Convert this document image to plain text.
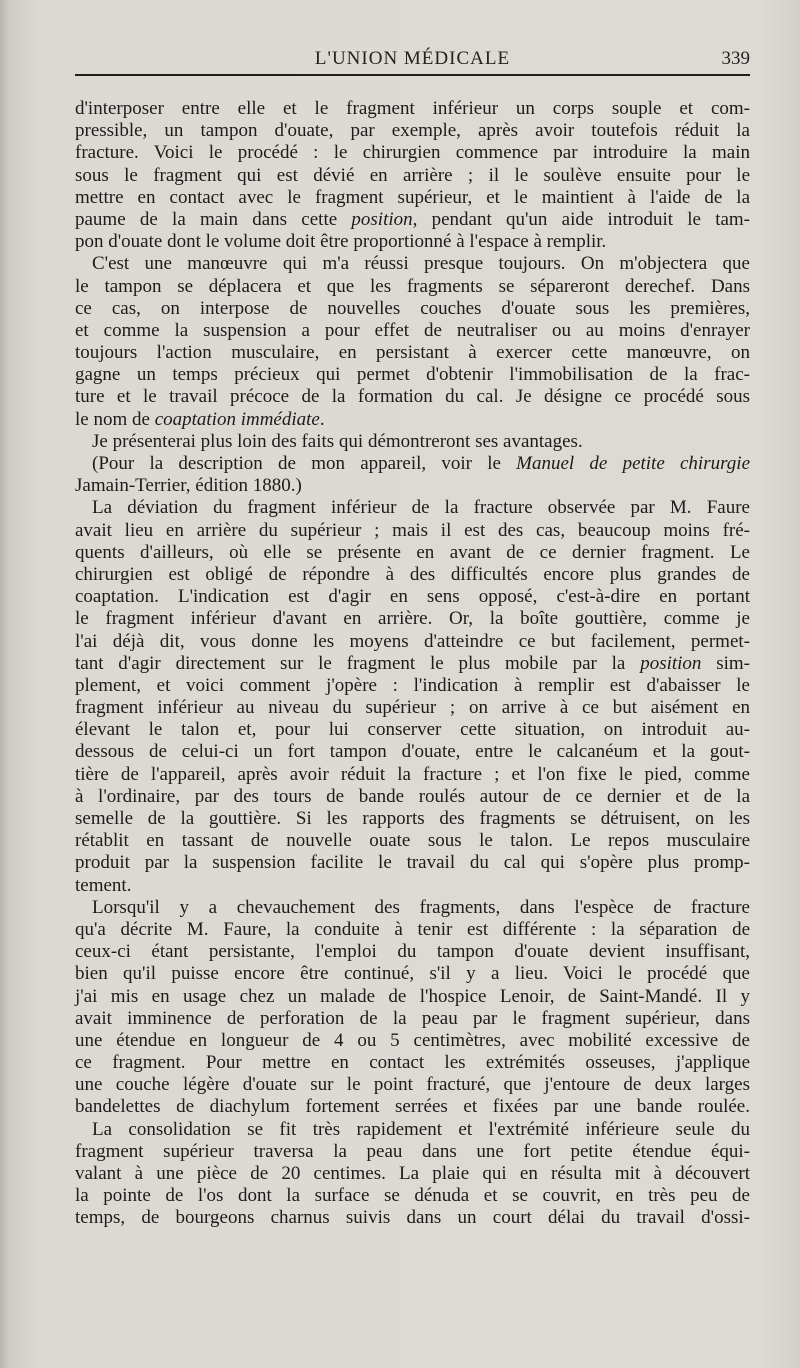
L'UNION MÉDICALE	339
d'interposer entre elle et le fragment inférieur un corps souple et com-
pressible, un tampon d'ouate, par exemple, après avoir toutefois réduit la
fracture. Voici le procédé : le chirurgien commence par introduire la main
sous le fragment qui est dévié en arrière ; il le soulève ensuite pour le
mettre en contact avec le fragment supérieur, et le maintient à l'aide de la
paume de la main dans cette position, pendant qu'un aide introduit le tam-
pon d'ouate dont le volume doit être proportionné à l'espace à remplir.
C'est une manœuvre qui m'a réussi presque toujours. On m'objectera que
le tampon se déplacera et que les fragments se sépareront derechef. Dans
ce cas, on interpose de nouvelles couches d'ouate sous les premières,
et comme la suspension a pour effet de neutraliser ou au moins d'enrayer
toujours l'action musculaire, en persistant à exercer cette manœuvre, on
gagne un temps précieux qui permet d'obtenir l'immobilisation de la frac-
ture et le travail précoce de la formation du cal. Je désigne ce procédé sous
le nom de coaptation immédiate.
Je présenterai plus loin des faits qui démontreront ses avantages.
(Pour la description de mon appareil, voir le Manuel de petite chirurgie
Jamain-Terrier, édition 1880.)
La déviation du fragment inférieur de la fracture observée par M. Faure
avait lieu en arrière du supérieur ; mais il est des cas, beaucoup moins fré-
quents d'ailleurs, où elle se présente en avant de ce dernier fragment. Le
chirurgien est obligé de répondre à des difficultés encore plus grandes de
coaptation. L'indication est d'agir en sens opposé, c'est-à-dire en portant
le fragment inférieur d'avant en arrière. Or, la boîte gouttière, comme je
l'ai déjà dit, vous donne les moyens d'atteindre ce but facilement, permet-
tant d'agir directement sur le fragment le plus mobile par la position sim-
plement, et voici comment j'opère : l'indication à remplir est d'abaisser le
fragment inférieur au niveau du supérieur ; on arrive à ce but aisément en
élevant le talon et, pour lui conserver cette situation, on introduit au-
dessous de celui-ci un fort tampon d'ouate, entre le calcanéum et la gout-
tière de l'appareil, après avoir réduit la fracture ; et l'on fixe le pied, comme
à l'ordinaire, par des tours de bande roulés autour de ce dernier et de la
semelle de la gouttière. Si les rapports des fragments se détruisent, on les
rétablit en tassant de nouvelle ouate sous le talon. Le repos musculaire
produit par la suspension facilite le travail du cal qui s'opère plus promp-
tement.
Lorsqu'il y a chevauchement des fragments, dans l'espèce de fracture
qu'a décrite M. Faure, la conduite à tenir est différente : la séparation de
ceux-ci étant persistante, l'emploi du tampon d'ouate devient insuffisant,
bien qu'il puisse encore être continué, s'il y a lieu. Voici le procédé que
j'ai mis en usage chez un malade de l'hospice Lenoir, de Saint-Mandé. Il y
avait imminence de perforation de la peau par le fragment supérieur, dans
une étendue en longueur de 4 ou 5 centimètres, avec mobilité excessive de
ce fragment. Pour mettre en contact les extrémités osseuses, j'applique
une couche légère d'ouate sur le point fracturé, que j'entoure de deux larges
bandelettes de diachylum fortement serrées et fixées par une bande roulée.
La consolidation se fit très rapidement et l'extrémité inférieure seule du
fragment supérieur traversa la peau dans une fort petite étendue équi-
valant à une pièce de 20 centimes. La plaie qui en résulta mit à découvert
la pointe de l'os dont la surface se dénuda et se couvrit, en très peu de
temps, de bourgeons charnus suivis dans un court délai du travail d'ossi-
